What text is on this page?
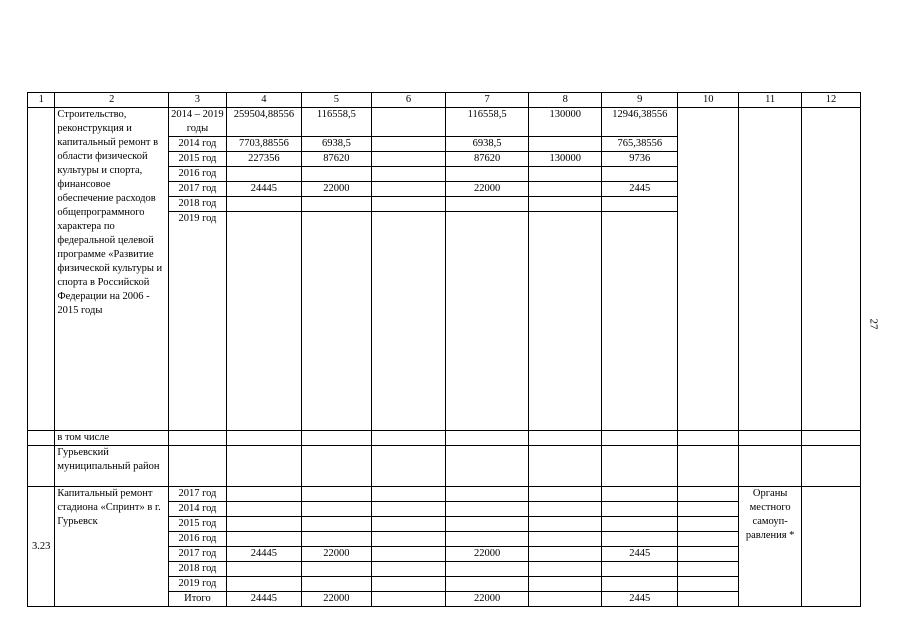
1	2	3	4	5	6	7	8	9	10	11	12
	Строительство, реконструкция и капитальный ремонт в области физической культуры и спорта, финансовое обеспечение расходов общепрограммного характера по федеральной целевой программе «Развитие физической культуры и спорта в Российской Федерации на 2006 - 2015 годы	2014 – 2019 годы	259504,88556	116558,5		116558,5	130000	12946,38556			
		2014 год	7703,88556	6938,5		6938,5		765,38556			
		2015 год	227356	87620		87620	130000	9736			
		2016 год									
		2017 год	24445	22000		22000		2445			
		2018 год									
		2019 год									
	в том числе										
	Гурьевский муниципальный район										
3.23	Капитальный ремонт стадиона «Спринт» в г. Гурьевск	2017 год								Органы местного самоуп-равления *	
		2014 год									
		2015 год									
		2016 год									
		2017 год	24445	22000		22000		2445			
		2018 год									
		2019 год									
		Итого	24445	22000		22000		2445			
27
